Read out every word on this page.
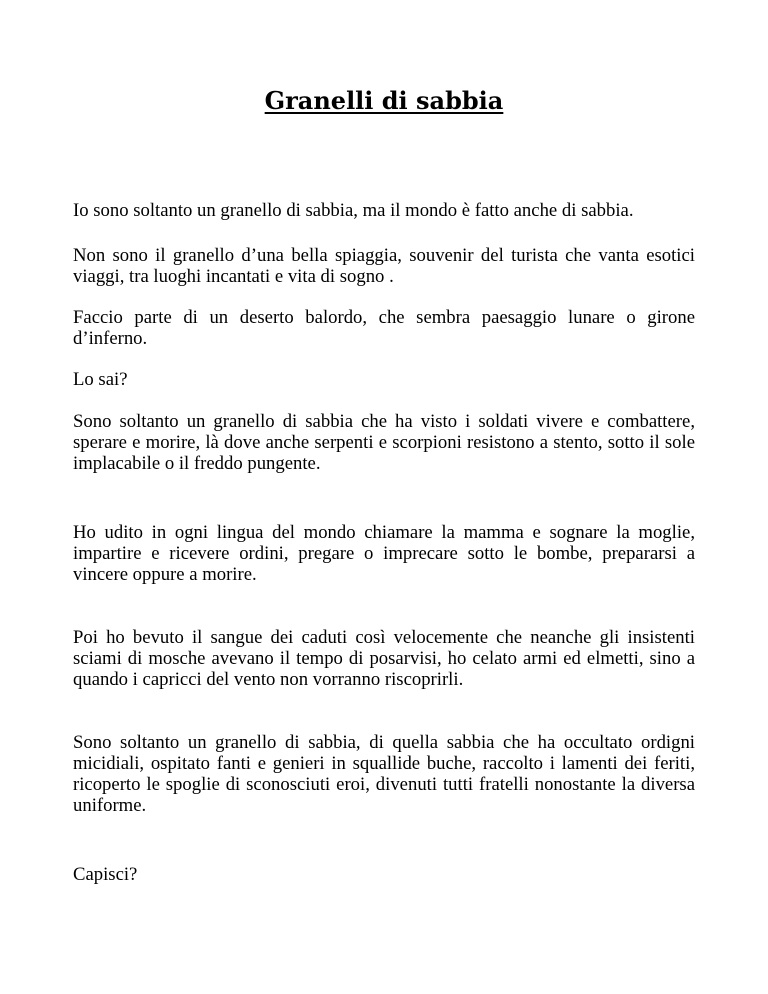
Granelli di sabbia

Io sono soltanto un granello di sabbia, ma il mondo è fatto anche di sabbia.

Non sono il granello d’una bella spiaggia, souvenir del turista che vanta esotici viaggi, tra luoghi incantati e vita di sogno .

Faccio parte di un deserto balordo, che sembra paesaggio lunare o girone d’inferno.

Lo sai?

Sono soltanto un granello di sabbia che ha visto i soldati vivere e combattere, sperare e morire, là dove anche serpenti e scorpioni resistono a stento, sotto il sole implacabile o il freddo pungente.

Ho udito in ogni lingua del mondo chiamare la mamma e sognare la moglie, impartire e ricevere ordini, pregare o imprecare sotto le bombe, prepararsi a vincere oppure a morire.

Poi ho bevuto il sangue dei caduti così velocemente che neanche gli insistenti sciami di mosche avevano il tempo di posarvisi, ho celato armi ed elmetti, sino a quando i capricci del vento non vorranno riscoprirli.

Sono soltanto un granello di sabbia, di quella sabbia che ha occultato ordigni micidiali, ospitato fanti e genieri in squallide buche, raccolto i lamenti dei feriti, ricoperto le spoglie di sconosciuti eroi, divenuti tutti fratelli nonostante la diversa uniforme.

Capisci?
